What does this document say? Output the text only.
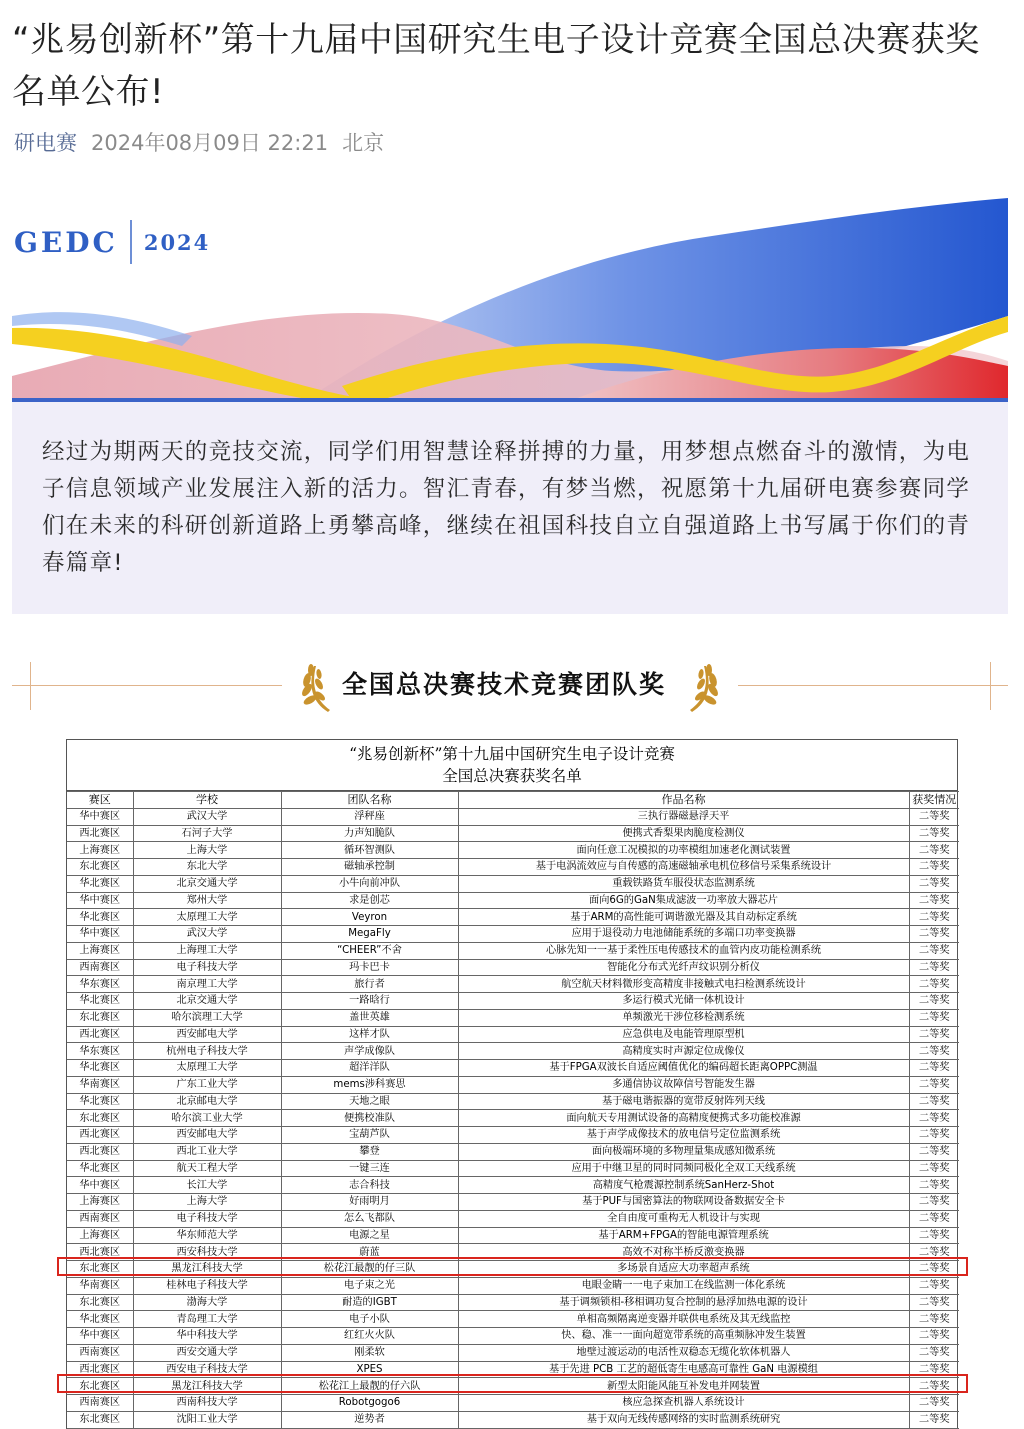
“兆易创新杯”第十九届中国研究生电子设计竞赛全国总决赛获奖名单公布!
研电赛 2024年08月09日 22:21 北京
GEDC 2024

经过为期两天的竞技交流，同学们用智慧诠释拼搏的力量，用梦想点燃奋斗的激情，为电子信息领域产业发展注入新的活力。智汇青春，有梦当燃，祝愿第十九届研电赛参赛同学们在未来的科研创新道路上勇攀高峰，继续在祖国科技自立自强道路上书写属于你们的青春篇章!

全国总决赛技术竞赛团队奖
“兆易创新杯”第十九届中国研究生电子设计竞赛
全国总决赛获奖名单
赛区	学校	团队名称	作品名称	获奖情况
华中赛区	武汉大学	浮秤座	三执行器磁悬浮天平	二等奖
西北赛区	石河子大学	力声知脆队	便携式香梨果肉脆度检测仪	二等奖
上海赛区	上海大学	循环智测队	面向任意工况模拟的功率模组加速老化测试装置	二等奖
东北赛区	东北大学	磁轴承控制	基于电涡流效应与自传感的高速磁轴承电机位移信号采集系统设计	二等奖
华北赛区	北京交通大学	小牛向前冲队	重载铁路货车服役状态监测系统	二等奖
华中赛区	郑州大学	求是创芯	面向6G的GaN集成滤波一功率放大器芯片	二等奖
华北赛区	太原理工大学	Veyron	基于ARM的高性能可调谐激光器及其自动标定系统	二等奖
华中赛区	武汉大学	MegaFly	应用于退役动力电池储能系统的多端口功率变换器	二等奖
上海赛区	上海理工大学	“CHEER”不舍	心脉先知一一基于柔性压电传感技术的血管内皮功能检测系统	二等奖
西南赛区	电子科技大学	玛卡巴卡	智能化分布式光纤声纹识别分析仪	二等奖
华东赛区	南京理工大学	旅行者	航空航天材料微形变高精度非接触式电扫检测系统设计	二等奖
华北赛区	北京交通大学	一路晗行	多运行模式光储一体机设计	二等奖
东北赛区	哈尔滨理工大学	盖世英雄	单频激光干涉位移检测系统	二等奖
西北赛区	西安邮电大学	这样才队	应急供电及电能管理原型机	二等奖
华东赛区	杭州电子科技大学	声学成像队	高精度实时声源定位成像仪	二等奖
华北赛区	太原理工大学	超洋洋队	基于FPGA双波长自适应阈值优化的编码超长距离OPPC测温	二等奖
华南赛区	广东工业大学	mems涉科赛思	多通信协议故障信号智能发生器	二等奖
华北赛区	北京邮电大学	天地之眼	基于磁电谐振器的宽带反射阵列天线	二等奖
东北赛区	哈尔滨工业大学	便携校准队	面向航天专用测试设备的高精度便携式多功能校准源	二等奖
西北赛区	西安邮电大学	宝葫芦队	基于声学成像技术的放电信号定位监测系统	二等奖
西北赛区	西北工业大学	攀登	面向极端环境的多物理量集成感知微系统	二等奖
华北赛区	航天工程大学	一键三连	应用于中继卫星的同时同频同极化全双工天线系统	二等奖
华中赛区	长江大学	志合科技	高精度气枪震源控制系统SanHerz-Shot	二等奖
上海赛区	上海大学	好雨明月	基于PUF与国密算法的物联网设备数据安全卡	二等奖
西南赛区	电子科技大学	怎么飞都队	全自由度可重构无人机设计与实现	二等奖
上海赛区	华东师范大学	电源之星	基于ARM+FPGA的智能电源管理系统	二等奖
西北赛区	西安科技大学	蔚蓝	高效不对称半桥反激变换器	二等奖
东北赛区	黑龙江科技大学	松花江最靓的仔三队	多场景自适应大功率超声系统	二等奖
华南赛区	桂林电子科技大学	电子束之光	电眼金睛一一电子束加工在线监测一体化系统	二等奖
东北赛区	渤海大学	耐造的IGBT	基于调频锁相-移相调功复合控制的悬浮加热电源的设计	二等奖
华北赛区	青岛理工大学	电子小队	单相高频隔离逆变器并联供电系统及其无线监控	二等奖
华中赛区	华中科技大学	红红火火队	快、稳、准一一面向超宽带系统的高重频脉冲发生装置	二等奖
西南赛区	西安交通大学	刚柔软	地壁过渡运动的电活性双稳态无缆化软体机器人	二等奖
西北赛区	西安电子科技大学	XPES	基于先进 PCB 工艺的超低寄生电感高可靠性 GaN 电源模组	二等奖
东北赛区	黑龙江科技大学	松花江上最靓的仔六队	新型太阳能风能互补发电并网装置	二等奖
西南赛区	西南科技大学	Robotgogo6	核应急探查机器人系统设计	二等奖
东北赛区	沈阳工业大学	逆势者	基于双向无线传感网络的实时监测系统研究	二等奖
